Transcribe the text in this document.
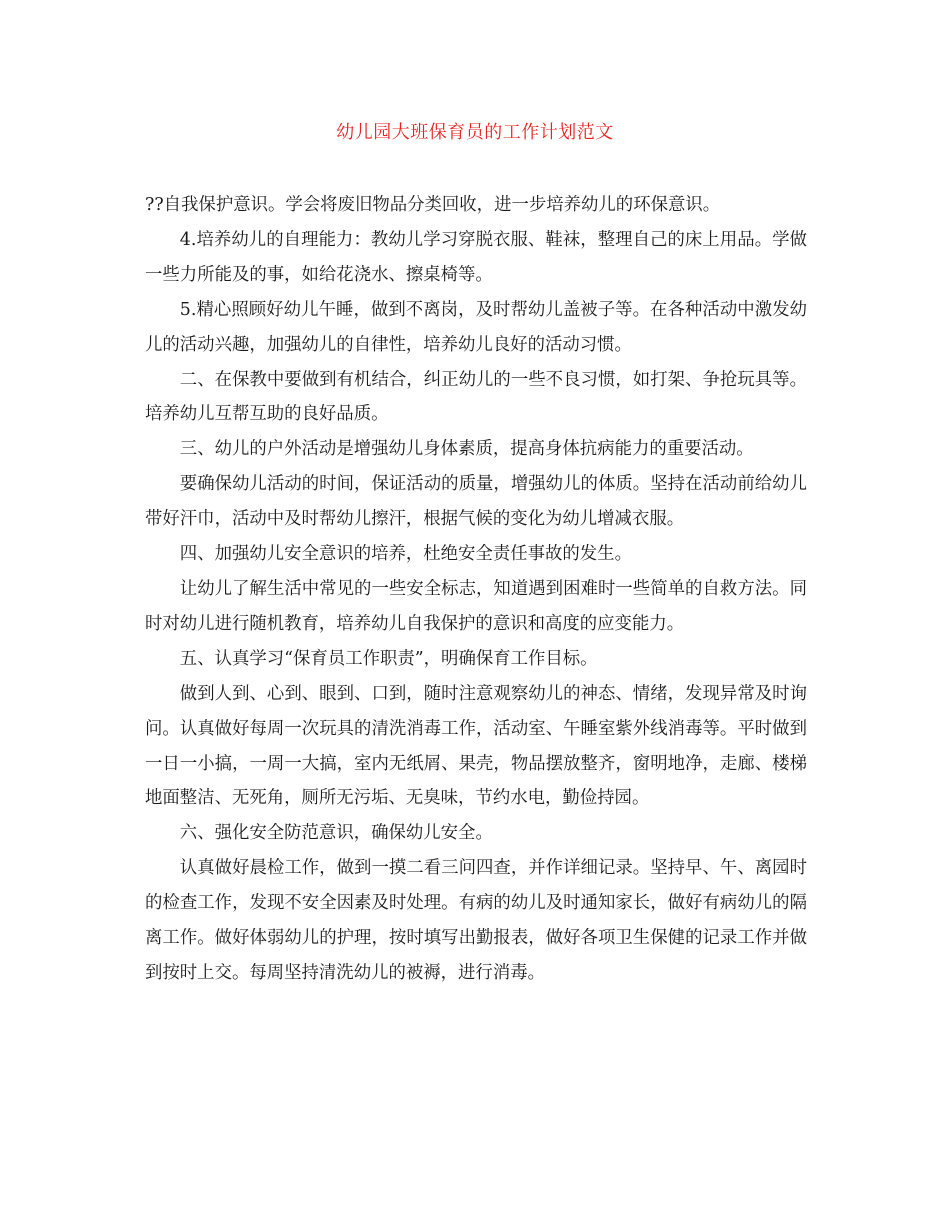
幼儿园大班保育员的工作计划范文

??自我保护意识。学会将废旧物品分类回收，进一步培养幼儿的环保意识。

4.培养幼儿的自理能力：教幼儿学习穿脱衣服、鞋袜，整理自己的床上用品。学做一些力所能及的事，如给花浇水、擦桌椅等。

5.精心照顾好幼儿午睡，做到不离岗，及时帮幼儿盖被子等。在各种活动中激发幼儿的活动兴趣，加强幼儿的自律性，培养幼儿良好的活动习惯。

二、在保教中要做到有机结合，纠正幼儿的一些不良习惯，如打架、争抢玩具等。培养幼儿互帮互助的良好品质。

三、幼儿的户外活动是增强幼儿身体素质，提高身体抗病能力的重要活动。

要确保幼儿活动的时间，保证活动的质量，增强幼儿的体质。坚持在活动前给幼儿带好汗巾，活动中及时帮幼儿擦汗，根据气候的变化为幼儿增减衣服。

四、加强幼儿安全意识的培养，杜绝安全责任事故的发生。

让幼儿了解生活中常见的一些安全标志，知道遇到困难时一些简单的自救方法。同时对幼儿进行随机教育，培养幼儿自我保护的意识和高度的应变能力。

五、认真学习“保育员工作职责”，明确保育工作目标。

做到人到、心到、眼到、口到，随时注意观察幼儿的神态、情绪，发现异常及时询问。认真做好每周一次玩具的清洗消毒工作，活动室、午睡室紫外线消毒等。平时做到一日一小搞，一周一大搞，室内无纸屑、果壳，物品摆放整齐，窗明地净，走廊、楼梯地面整洁、无死角，厕所无污垢、无臭味，节约水电，勤俭持园。

六、强化安全防范意识，确保幼儿安全。

认真做好晨检工作，做到一摸二看三问四查，并作详细记录。坚持早、午、离园时的检查工作，发现不安全因素及时处理。有病的幼儿及时通知家长，做好有病幼儿的隔离工作。做好体弱幼儿的护理，按时填写出勤报表，做好各项卫生保健的记录工作并做到按时上交。每周坚持清洗幼儿的被褥，进行消毒。
